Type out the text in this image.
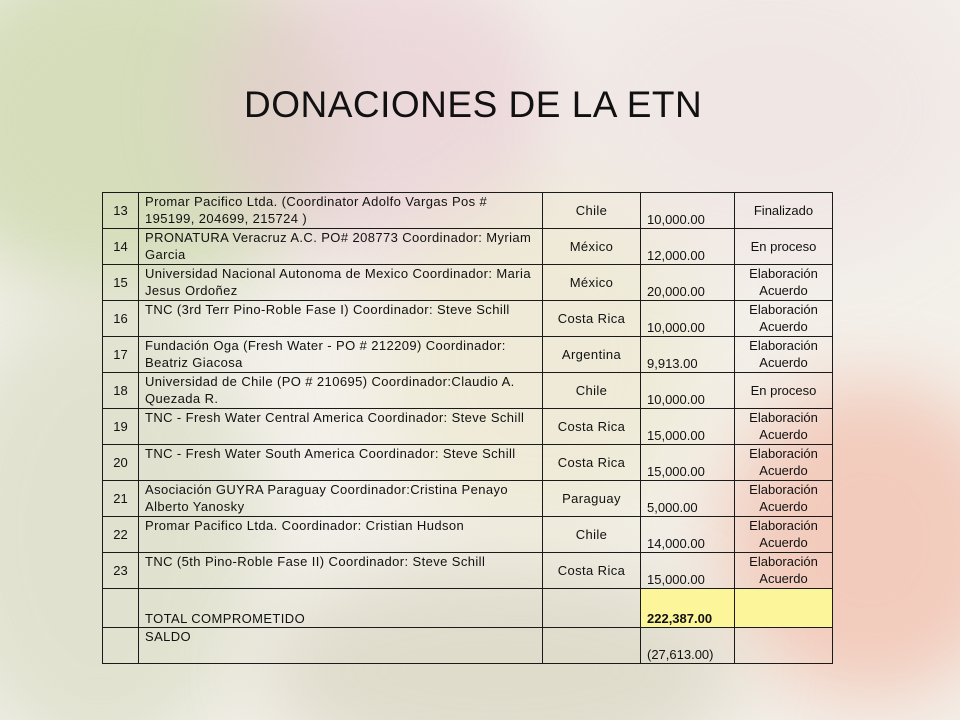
DONACIONES DE LA ETN
13	Promar Pacifico Ltda. (Coordinator Adolfo Vargas Pos # 195199, 204699, 215724 )	Chile	10,000.00	Finalizado
14	PRONATURA Veracruz A.C. PO# 208773 Coordinador: Myriam Garcia	México	12,000.00	En proceso
15	Universidad Nacional Autonoma de Mexico Coordinador: Maria Jesus Ordoñez	México	20,000.00	Elaboración Acuerdo
16	TNC (3rd Terr Pino-Roble Fase I) Coordinador: Steve Schill	Costa Rica	10,000.00	Elaboración Acuerdo
17	Fundación Oga (Fresh Water - PO # 212209) Coordinador: Beatriz Giacosa	Argentina	9,913.00	Elaboración Acuerdo
18	Universidad de Chile (PO # 210695) Coordinador:Claudio A. Quezada R.	Chile	10,000.00	En proceso
19	TNC - Fresh Water Central America Coordinador: Steve Schill	Costa Rica	15,000.00	Elaboración Acuerdo
20	TNC - Fresh Water South America Coordinador: Steve Schill	Costa Rica	15,000.00	Elaboración Acuerdo
21	Asociación GUYRA Paraguay Coordinador:Cristina Penayo Alberto Yanosky	Paraguay	5,000.00	Elaboración Acuerdo
22	Promar Pacifico Ltda. Coordinador: Cristian Hudson	Chile	14,000.00	Elaboración Acuerdo
23	TNC (5th Pino-Roble Fase II) Coordinador: Steve Schill	Costa Rica	15,000.00	Elaboración Acuerdo
	TOTAL COMPROMETIDO		222,387.00	
	SALDO		(27,613.00)	
